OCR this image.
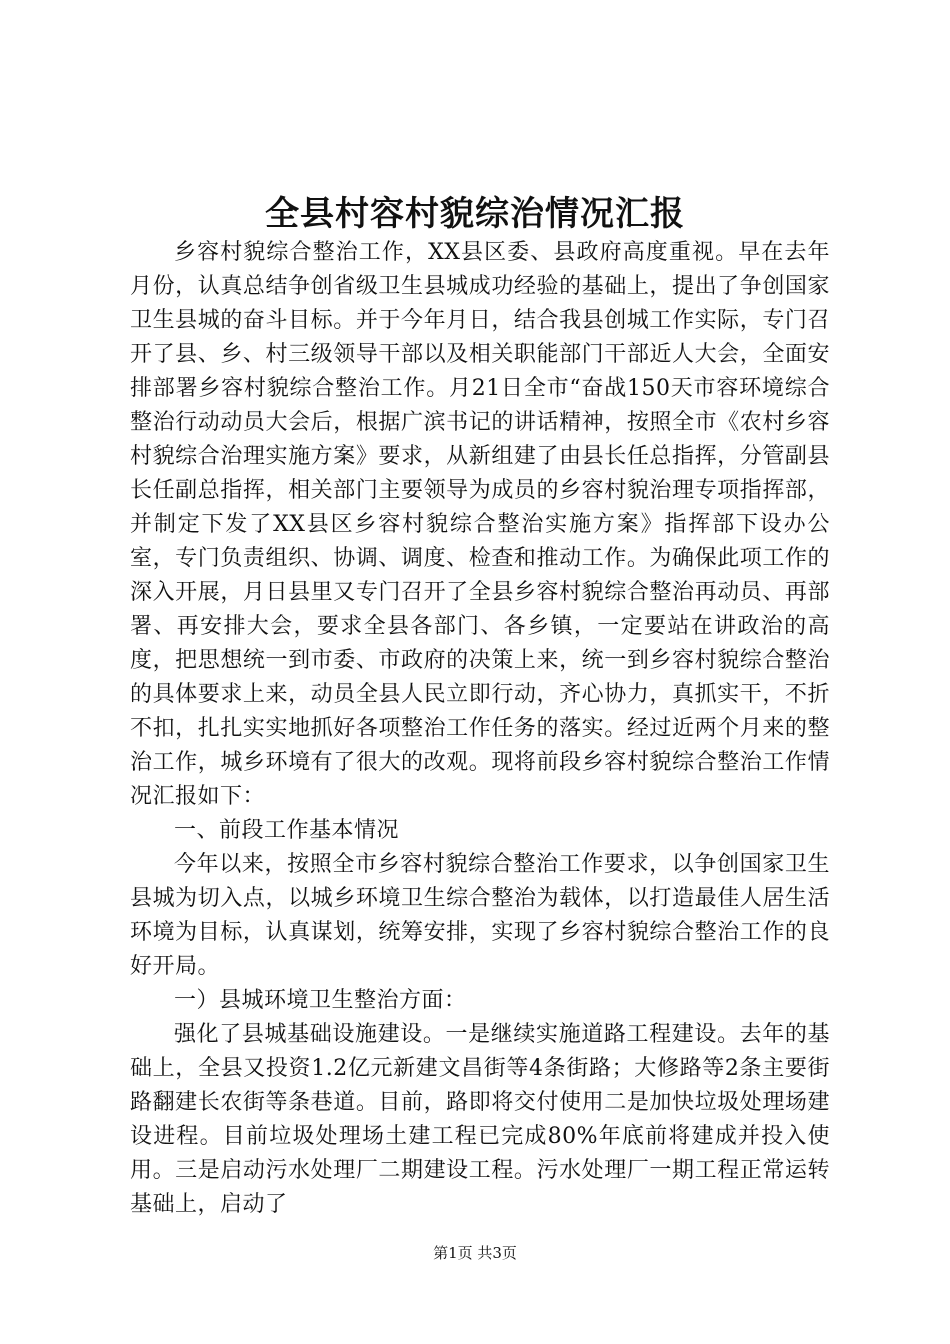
全县村容村貌综治情况汇报

乡容村貌综合整治工作，XX县区委、县政府高度重视。早在去年月份，认真总结争创省级卫生县城成功经验的基础上，提出了争创国家卫生县城的奋斗目标。并于今年月日，结合我县创城工作实际，专门召开了县、乡、村三级领导干部以及相关职能部门干部近人大会，全面安排部署乡容村貌综合整治工作。月21日全市“奋战150天市容环境综合整治行动动员大会后，根据广滨书记的讲话精神，按照全市《农村乡容村貌综合治理实施方案》要求，从新组建了由县长任总指挥，分管副县长任副总指挥，相关部门主要领导为成员的乡容村貌治理专项指挥部，并制定下发了XX县区乡容村貌综合整治实施方案》指挥部下设办公室，专门负责组织、协调、调度、检查和推动工作。为确保此项工作的深入开展，月日县里又专门召开了全县乡容村貌综合整治再动员、再部署、再安排大会，要求全县各部门、各乡镇，一定要站在讲政治的高度，把思想统一到市委、市政府的决策上来，统一到乡容村貌综合整治的具体要求上来，动员全县人民立即行动，齐心协力，真抓实干，不折不扣，扎扎实实地抓好各项整治工作任务的落实。经过近两个月来的整治工作，城乡环境有了很大的改观。现将前段乡容村貌综合整治工作情况汇报如下：

一、前段工作基本情况

今年以来，按照全市乡容村貌综合整治工作要求，以争创国家卫生县城为切入点，以城乡环境卫生综合整治为载体，以打造最佳人居生活环境为目标，认真谋划，统筹安排，实现了乡容村貌综合整治工作的良好开局。

一）县城环境卫生整治方面：

强化了县城基础设施建设。一是继续实施道路工程建设。去年的基础上，全县又投资1.2亿元新建文昌街等4条街路；大修路等2条主要街路翻建长农街等条巷道。目前，路即将交付使用二是加快垃圾处理场建设进程。目前垃圾处理场土建工程已完成80%年底前将建成并投入使用。三是启动污水处理厂二期建设工程。污水处理厂一期工程正常运转基础上，启动了

第1页 共3页
